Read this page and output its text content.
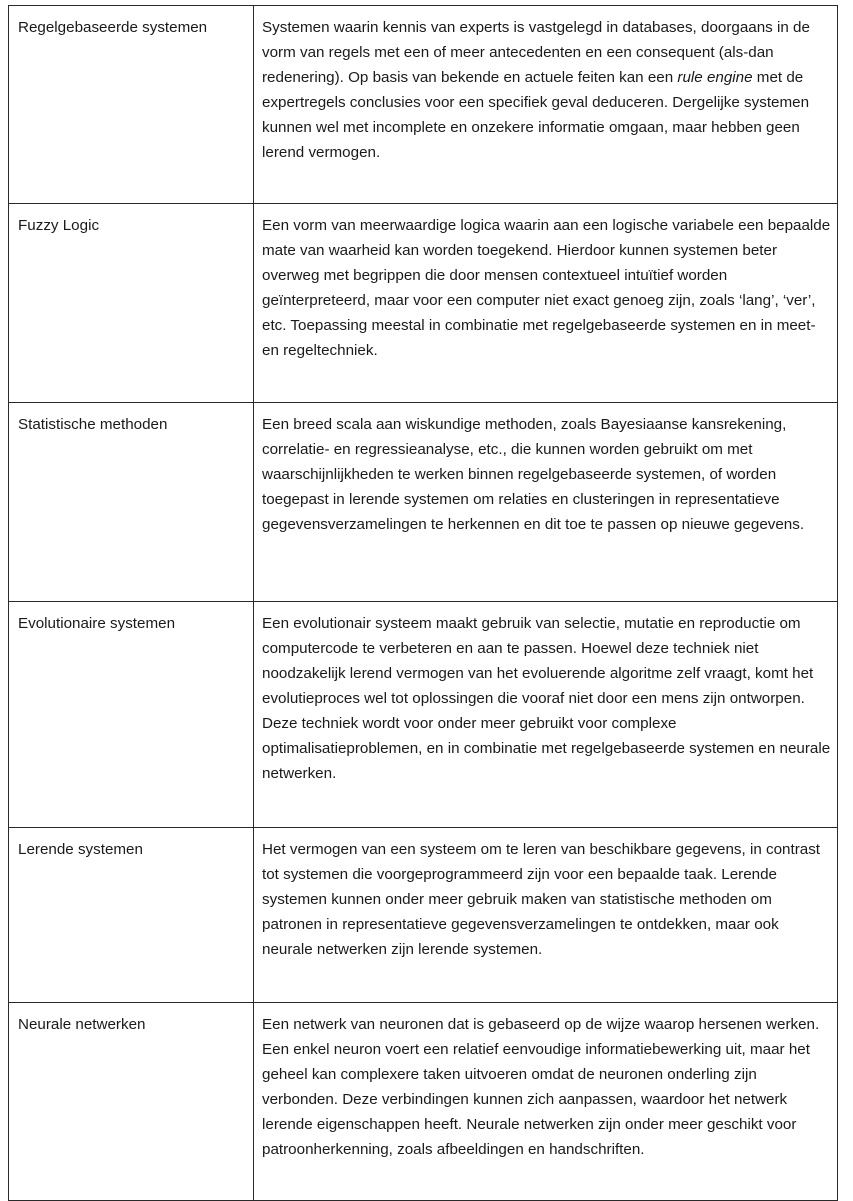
Regelgebaseerde systemen	Systemen waarin kennis van experts is vastgelegd in databases, doorgaans in de vorm van regels met een of meer antecedenten en een consequent (als-dan redenering). Op basis van bekende en actuele feiten kan een rule engine met de expertregels conclusies voor een specifiek geval deduceren. Dergelijke systemen kunnen wel met incomplete en onzekere informatie omgaan, maar hebben geen lerend vermogen.
Fuzzy Logic	Een vorm van meerwaardige logica waarin aan een logische variabele een bepaalde mate van waarheid kan worden toegekend. Hierdoor kunnen systemen beter overweg met begrippen die door mensen contextueel intuïtief worden geïnterpreteerd, maar voor een computer niet exact genoeg zijn, zoals ‘lang’, ‘ver’, etc. Toepassing meestal in combinatie met regelgebaseerde systemen en in meet- en regeltechniek.
Statistische methoden	Een breed scala aan wiskundige methoden, zoals Bayesiaanse kansrekening, correlatie- en regressieanalyse, etc., die kunnen worden gebruikt om met waarschijnlijkheden te werken binnen regelgebaseerde systemen, of worden toegepast in lerende systemen om relaties en clusteringen in representatieve gegevensverzamelingen te herkennen en dit toe te passen op nieuwe gegevens.
Evolutionaire systemen	Een evolutionair systeem maakt gebruik van selectie, mutatie en reproductie om computercode te verbeteren en aan te passen. Hoewel deze techniek niet noodzakelijk lerend vermogen van het evoluerende algoritme zelf vraagt, komt het evolutieproces wel tot oplossingen die vooraf niet door een mens zijn ontworpen. Deze techniek wordt voor onder meer gebruikt voor complexe optimalisatieproblemen, en in combinatie met regelgebaseerde systemen en neurale netwerken.
Lerende systemen	Het vermogen van een systeem om te leren van beschikbare gegevens, in contrast tot systemen die voorgeprogrammeerd zijn voor een bepaalde taak. Lerende systemen kunnen onder meer gebruik maken van statistische methoden om patronen in representatieve gegevensverzamelingen te ontdekken, maar ook neurale netwerken zijn lerende systemen.
Neurale netwerken	Een netwerk van neuronen dat is gebaseerd op de wijze waarop hersenen werken. Een enkel neuron voert een relatief eenvoudige informatiebewerking uit, maar het geheel kan complexere taken uitvoeren omdat de neuronen onderling zijn verbonden. Deze verbindingen kunnen zich aanpassen, waardoor het netwerk lerende eigenschappen heeft. Neurale netwerken zijn onder meer geschikt voor patroonherkenning, zoals afbeeldingen en handschriften.
